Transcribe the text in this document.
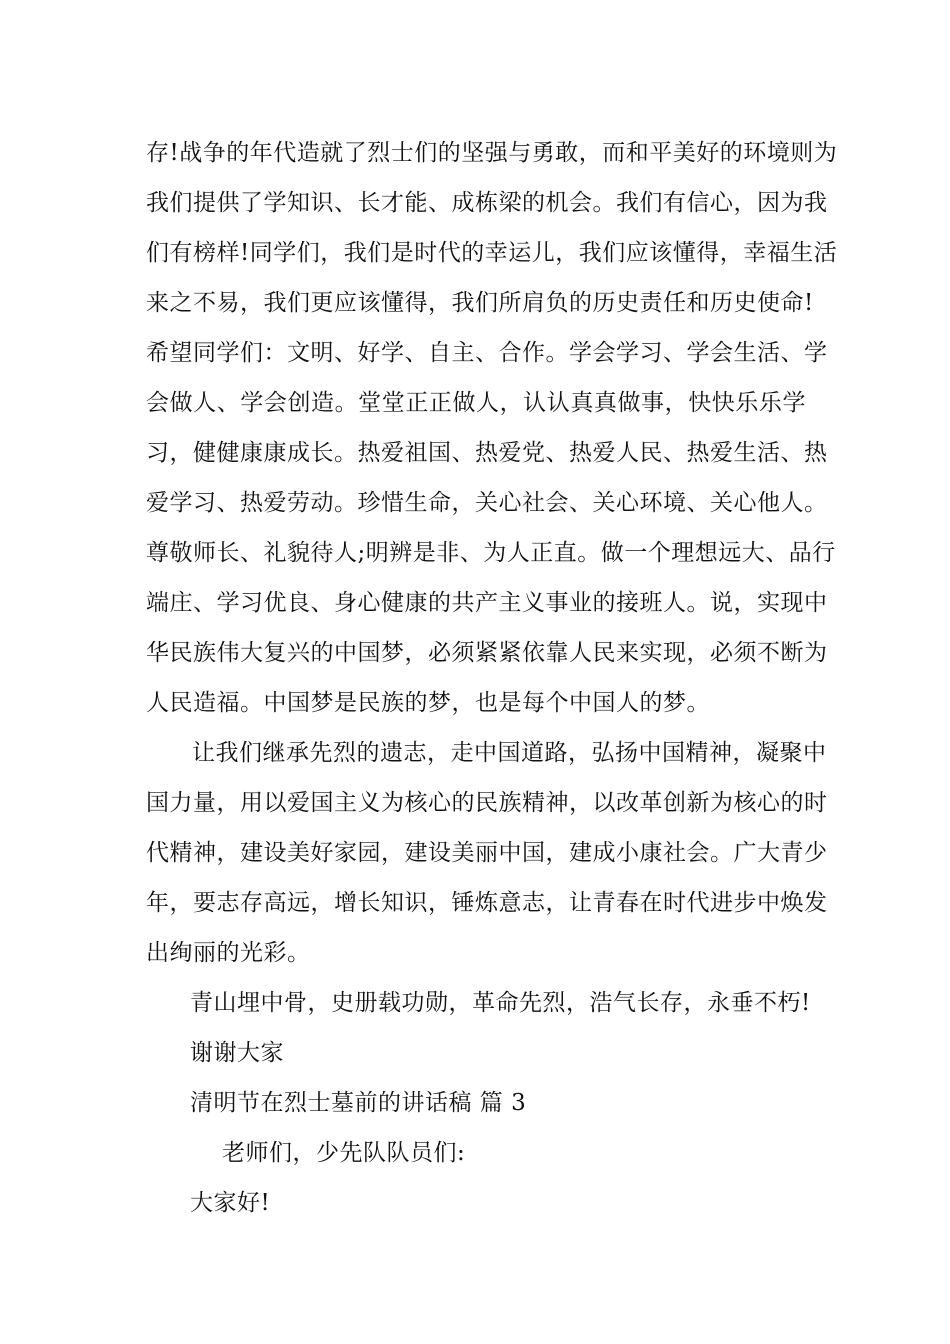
存!战争的年代造就了烈士们的坚强与勇敢，而和平美好的环境则为
我们提供了学知识、长才能、成栋梁的机会。我们有信心，因为我
们有榜样!同学们，我们是时代的幸运儿，我们应该懂得，幸福生活
来之不易，我们更应该懂得，我们所肩负的历史责任和历史使命!
希望同学们：文明、好学、自主、合作。学会学习、学会生活、学
会做人、学会创造。堂堂正正做人，认认真真做事，快快乐乐学
习，健健康康成长。热爱祖国、热爱党、热爱人民、热爱生活、热
爱学习、热爱劳动。珍惜生命，关心社会、关心环境、关心他人。
尊敬师长、礼貌待人;明辨是非、为人正直。做一个理想远大、品行
端庄、学习优良、身心健康的共产主义事业的接班人。说，实现中
华民族伟大复兴的中国梦，必须紧紧依靠人民来实现，必须不断为
人民造福。中国梦是民族的梦，也是每个中国人的梦。
让我们继承先烈的遗志，走中国道路，弘扬中国精神，凝聚中
国力量，用以爱国主义为核心的民族精神，以改革创新为核心的时
代精神，建设美好家园，建设美丽中国，建成小康社会。广大青少
年，要志存高远，增长知识，锤炼意志，让青春在时代进步中焕发
出绚丽的光彩。
青山埋中骨，史册载功勋，革命先烈，浩气长存，永垂不朽!
谢谢大家
清明节在烈士墓前的讲话稿 篇 3
老师们，少先队队员们:
大家好!
